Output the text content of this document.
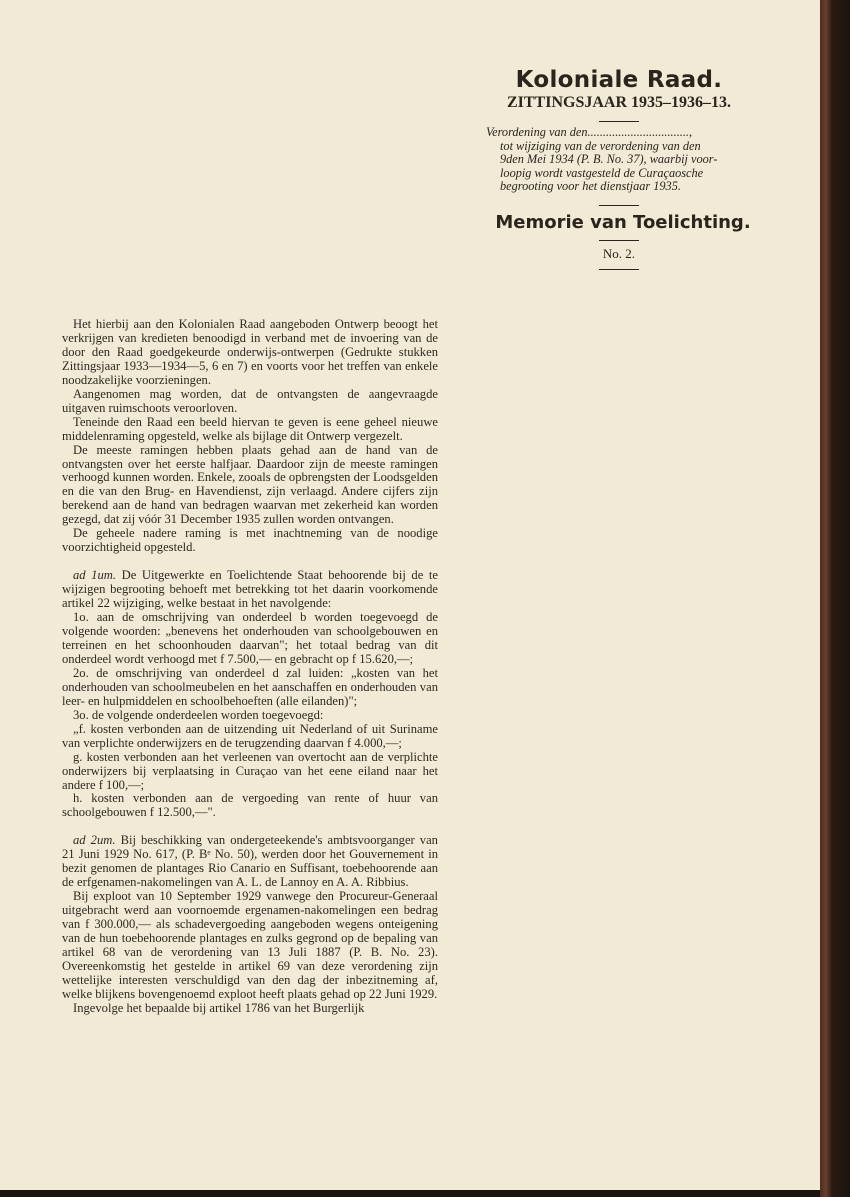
Koloniale Raad.
ZITTINGSJAAR 1935–1936–13.
Verordening van den.................................,
tot wijziging van de verordening van den
9den Mei 1934 (P. B. No. 37), waarbij voor-
loopig wordt vastgesteld de Curaçaosche
begrooting voor het dienstjaar 1935.
Memorie van Toelichting.
No. 2.

Het hierbij aan den Kolonialen Raad aangeboden Ontwerp beoogt het verkrijgen van kredieten benoodigd in verband met de invoering van de door den Raad goedgekeurde onderwijs-ontwerpen (Gedrukte stukken Zittingsjaar 1933—1934—5, 6 en 7) en voorts voor het treffen van enkele noodzakelijke voorzieningen.

Aangenomen mag worden, dat de ontvangsten de aangevraagde uitgaven ruimschoots veroorloven.

Teneinde den Raad een beeld hiervan te geven is eene geheel nieuwe middelenraming opgesteld, welke als bijlage dit Ontwerp vergezelt.

De meeste ramingen hebben plaats gehad aan de hand van de ontvangsten over het eerste halfjaar. Daardoor zijn de meeste ramingen verhoogd kunnen worden. Enkele, zooals de opbrengsten der Loodsgelden en die van den Brug- en Havendienst, zijn verlaagd. Andere cijfers zijn berekend aan de hand van bedragen waarvan met zekerheid kan worden gezegd, dat zij vóór 31 December 1935 zullen worden ontvangen.

De geheele nadere raming is met inachtneming van de noodige voorzichtigheid opgesteld.

ad 1um. De Uitgewerkte en Toelichtende Staat behoorende bij de te wijzigen begrooting behoeft met betrekking tot het daarin voorkomende artikel 22 wijziging, welke bestaat in het navolgende:

1o. aan de omschrijving van onderdeel b worden toegevoegd de volgende woorden: „benevens het onderhouden van schoolgebouwen en terreinen en het schoonhouden daarvan"; het totaal bedrag van dit onderdeel wordt verhoogd met f 7.500,— en gebracht op f 15.620,—;

2o. de omschrijving van onderdeel d zal luiden: „kosten van het onderhouden van schoolmeubelen en het aanschaffen en onderhouden van leer- en hulpmiddelen en schoolbehoeften (alle eilanden)";

3o. de volgende onderdeelen worden toegevoegd:

„f. kosten verbonden aan de uitzending uit Nederland of uit Suriname van verplichte onderwijzers en de terugzending daarvan f 4.000,—;

g. kosten verbonden aan het verleenen van overtocht aan de verplichte onderwijzers bij verplaatsing in Curaçao van het eene eiland naar het andere f 100,—;

h. kosten verbonden aan de vergoeding van rente of huur van schoolgebouwen f 12.500,—".

ad 2um. Bij beschikking van ondergeteekende's ambtsvoorganger van 21 Juni 1929 No. 617, (P. Bᵉ No. 50), werden door het Gouvernement in bezit genomen de plantages Rio Canario en Suffisant, toebehoorende aan de erfgenamen-nakomelingen van A. L. de Lannoy en A. A. Ribbius.

Bij exploot van 10 September 1929 vanwege den Procureur-Generaal uitgebracht werd aan voornoemde ergenamen-nakomelingen een bedrag van f 300.000,— als schadevergoeding aangeboden wegens onteigening van de hun toebehoorende plantages en zulks gegrond op de bepaling van artikel 68 van de verordening van 13 Juli 1887 (P. B. No. 23). Overeenkomstig het gestelde in artikel 69 van deze verordening zijn wettelijke interesten verschuldigd van den dag der inbezitneming af, welke blijkens bovengenoemd exploot heeft plaats gehad op 22 Juni 1929.

Ingevolge het bepaalde bij artikel 1786 van het Burgerlijk
